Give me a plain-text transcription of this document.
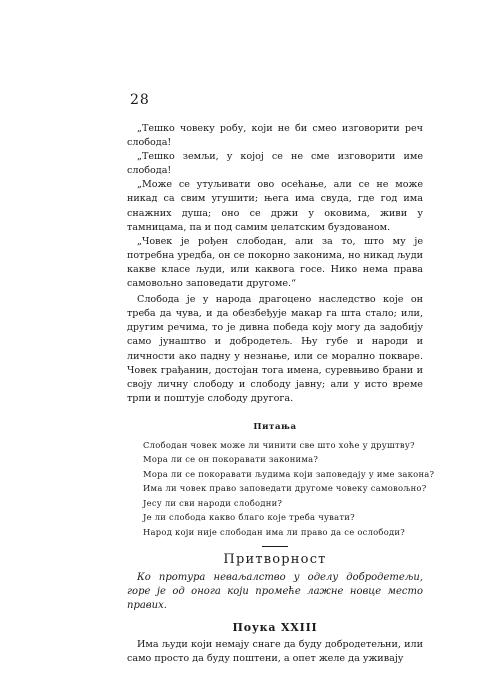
28

„Тешко човеку робу, који не би смео изговорити реч слобода!

„Тешко земљи, у којој се не сме изговорити име слобода!

„Може се утуљивати ово осећање, али се не може никад са свим угушити; њега има свуда, где год има снажних душа; оно се држи у оковима, живи у тамницама, па и под самим џелатским буздованом.

„Човек је рођен слободан, али за то, што му је потребна уредба, он се покорно законима, но никад људи какве класе људи, или каквога госе. Нико нема права самовољно заповедати другоме.“

Слобода је у народа драгоцено наследство које он треба да чува, и да обезбеђује макар га шта стало; или, другим речима, то је дивна победа коју могу да задобију само јунаштво и добродетељ. Њу губе и народи и личности ако падну у незнање, или се морално покваре. Човек грађанин, достојан тога имена, суревњиво брани и своју личну слободу и слободу јавну; али у исто време трпи и поштује слободу другога.

Питања

Слободан човек може ли чинити све што хоће у друштву?
Мора ли се он покоравати законима?
Мора ли се покоравати људима који заповедају у име закона?
Има ли човек право заповедати другоме човеку самовољно?
Јесу ли сви народи слободни?
Је ли слобода какво благо које треба чувати?
Народ који није слободан има ли право да се ослободи?

Притворност

Ко протура неваљалство у оделу добродетељи, горе је од онога који промеће лажне новце место правих.

Поука XXIII

Има људи који немају снаге да буду добродетељни, или само просто да буду поштени, а опет желе да уживају
